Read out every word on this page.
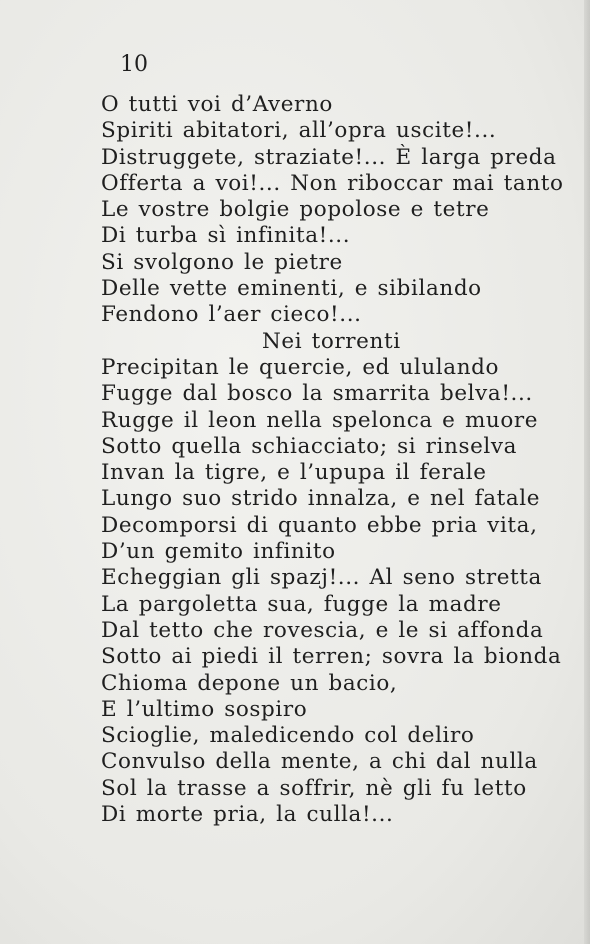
10

O tutti voi d’Averno
Spiriti abitatori, all’opra uscite!...
Distruggete, straziate!... È larga preda
Offerta a voi!... Non riboccar mai tanto
Le vostre bolgie popolose e tetre
Di turba sì infinita!...
Si svolgono le pietre
Delle vette eminenti, e sibilando
Fendono l’aer cieco!...
Nei torrenti
Precipitan le quercie, ed ululando
Fugge dal bosco la smarrita belva!...
Rugge il leon nella spelonca e muore
Sotto quella schiacciato; si rinselva
Invan la tigre, e l’upupa il ferale
Lungo suo strido innalza, e nel fatale
Decomporsi di quanto ebbe pria vita,
D’un gemito infinito
Echeggian gli spazj!... Al seno stretta
La pargoletta sua, fugge la madre
Dal tetto che rovescia, e le si affonda
Sotto ai piedi il terren; sovra la bionda
Chioma depone un bacio,
E l’ultimo sospiro
Scioglie, maledicendo col deliro
Convulso della mente, a chi dal nulla
Sol la trasse a soffrir, nè gli fu letto
Di morte pria, la culla!...
